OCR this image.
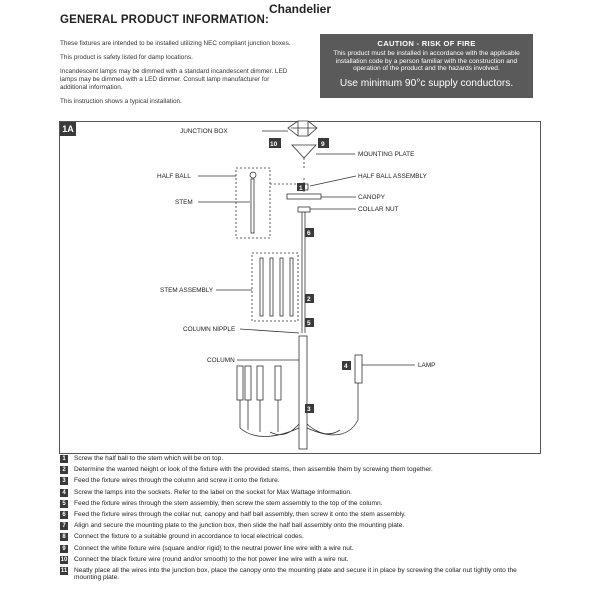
Chandelier
GENERAL PRODUCT INFORMATION:

These fixtures are intended to be installed utilizing NEC compliant junction boxes.

This product is safety listed for damp locations.

Incandescent lamps may be dimmed with a standard incandescent dimmer. LED lamps may be dimmed with a LED dimmer. Consult lamp manufacturer for additional information.

This instruction shows a typical installation.

CAUTION - RISK OF FIRE
This product must be installed in accordance with the applicable installation code by a person familiar with the construction and operation of the product and the hazards involved.
Use minimum 90°c supply conductors.
1A	JUNCTION BOX
MOUNTING PLATE
HALF BALL	HALF BALL ASSEMBLY
CANOPY
STEM
COLLAR NUT
STEM ASSEMBLY
COLUMN NIPPLE
COLUMN
LAMP
10	9
1
6
2
5
4
3
1	Screw the half ball to the stem which will be on top.
2	Determine the wanted height or look of the fixture with the provided stems, then assemble them by screwing them together.
3	Feed the fixture wires through the column and screw it onto the fixture.
4	Screw the lamps into the sockets. Refer to the label on the socket for Max Wattage Information.
5	Feed the fixture wires through the stem assembly, then screw the stem assembly to the top of the column.
6	Feed the fixture wires through the collar nut, canopy and half ball assembly, then screw it onto the stem assembly.
7	Align and secure the mounting plate to the junction box, then slide the half ball assembly onto the mounting plate.
8	Connect the fixture to a suitable ground in accordance to local electrical codes.
9	Connect the white fixture wire (square and/or rigid) to the neutral power line wire with a wire nut.
10 Connect the black fixture wire (round and/or smooth) to the hot power line wire with a wire nut.
11 Neatly place all the wires into the junction box, place the canopy onto the mounting plate and secure it in place by screwing the collar nut tightly onto the mounting plate.
